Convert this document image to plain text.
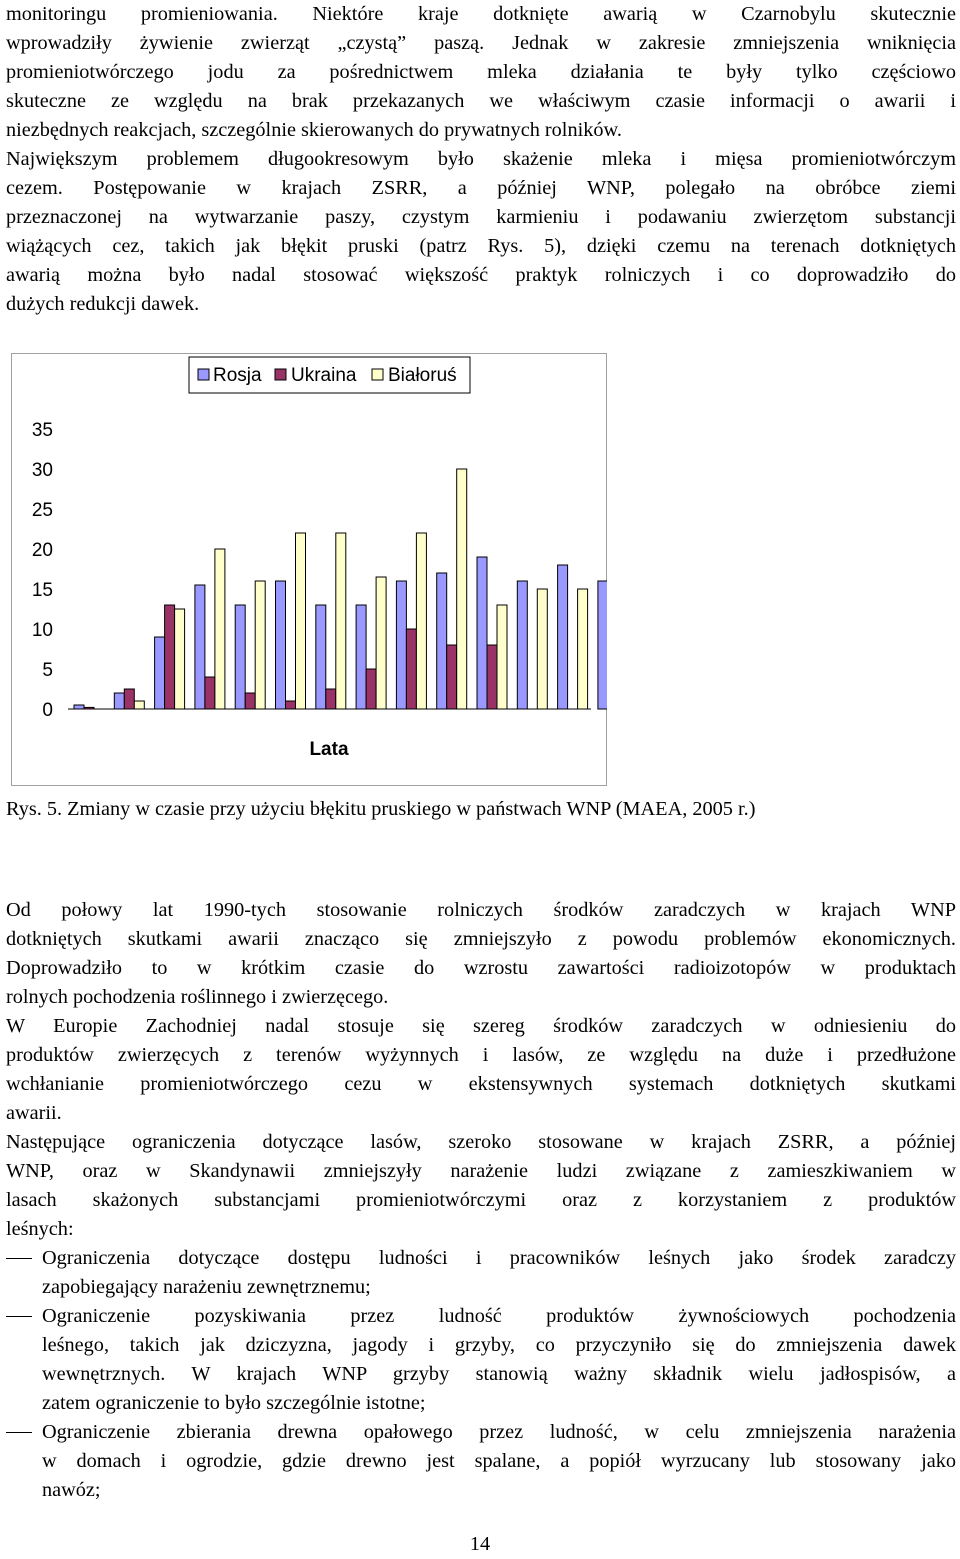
monitoringu promieniowania. Niektóre kraje dotknięte awarią w Czarnobylu skutecznie
wprowadziły żywienie zwierząt „czystą” paszą. Jednak w zakresie zmniejszenia wniknięcia
promieniotwórczego jodu za pośrednictwem mleka działania te były tylko częściowo
skuteczne ze względu na brak przekazanych we właściwym czasie informacji o awarii i
niezbędnych reakcjach, szczególnie skierowanych do prywatnych rolników.
Największym problemem długookresowym było skażenie mleka i mięsa promieniotwórczym
cezem. Postępowanie w krajach ZSRR, a później WNP, polegało na obróbce ziemi
przeznaczonej na wytwarzanie paszy, czystym karmieniu i podawaniu zwierzętom substancji
wiążących cez, takich jak błękit pruski (patrz Rys. 5), dzięki czemu na terenach dotkniętych
awarią można było nadal stosować większość praktyk rolniczych i co doprowadziło do
dużych redukcji dawek.
Rosja Ukraina Białoruś
35
30
25
20
15
10
5
0
Lata
Rys. 5. Zmiany w czasie przy użyciu błękitu pruskiego w państwach WNP (MAEA, 2005 r.)
Od połowy lat 1990-tych stosowanie rolniczych środków zaradczych w krajach WNP
dotkniętych skutkami awarii znacząco się zmniejszyło z powodu problemów ekonomicznych.
Doprowadziło to w krótkim czasie do wzrostu zawartości radioizotopów w produktach
rolnych pochodzenia roślinnego i zwierzęcego.
W Europie Zachodniej nadal stosuje się szereg środków zaradczych w odniesieniu do
produktów zwierzęcych z terenów wyżynnych i lasów, ze względu na duże i przedłużone
wchłanianie promieniotwórczego cezu w ekstensywnych systemach dotkniętych skutkami
awarii.
Następujące ograniczenia dotyczące lasów, szeroko stosowane w krajach ZSRR, a później
WNP, oraz w Skandynawii zmniejszyły narażenie ludzi związane z zamieszkiwaniem w
lasach skażonych substancjami promieniotwórczymi oraz z korzystaniem z produktów
leśnych:
Ograniczenia dotyczące dostępu ludności i pracowników leśnych jako środek zaradczy
zapobiegający narażeniu zewnętrznemu;
Ograniczenie pozyskiwania przez ludność produktów żywnościowych pochodzenia
leśnego, takich jak dziczyzna, jagody i grzyby, co przyczyniło się do zmniejszenia dawek
wewnętrznych. W krajach WNP grzyby stanowią ważny składnik wielu jadłospisów, a
zatem ograniczenie to było szczególnie istotne;
Ograniczenie zbierania drewna opałowego przez ludność, w celu zmniejszenia narażenia
w domach i ogrodzie, gdzie drewno jest spalane, a popiół wyrzucany lub stosowany jako
nawóz;
14
